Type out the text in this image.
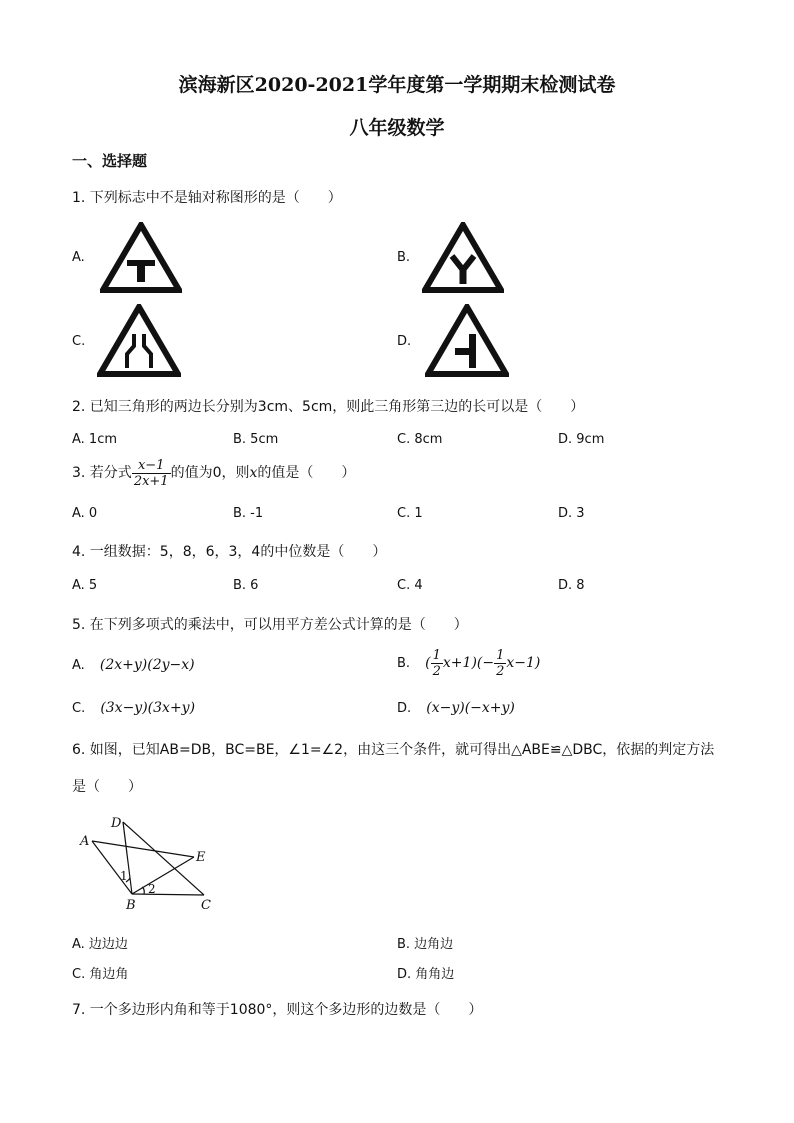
滨海新区2020-2021学年度第一学期期末检测试卷
八年级数学
一、选择题
1. 下列标志中不是轴对称图形的是（　　）
A.	B.
C.	D.
2. 已知三角形的两边长分别为3cm、5cm，则此三角形第三边的长可以是（　　）
A. 1cm	B. 5cm	C. 8cm	D. 9cm
3. 若分式 $\frac{x-1}{2x+1}$ 的值为0，则x的值是（　　）
A. 0	B. -1	C. 1	D. 3
4. 一组数据：5，8，6，3，4的中位数是（　　）
A. 5	B. 6	C. 4	D. 8
5. 在下列多项式的乘法中，可以用平方差公式计算的是（　　）
A. (2x+y)(2y−x)	B. ( $\frac{1}{2} x+1)(- \frac{1}{2} x-1)$
C. (3x−y)(3x+y)	D. (x−y)(−x+y)
6. 如图，已知AB=DB，BC=BE，∠1=∠2，由这三个条件，就可得出△ABE≌△DBC，依据的判定方法
是（　　）
A
D
E
B	C
1
2
A. 边边边	B. 边角边
C. 角边角	D. 角角边
7. 一个多边形内角和等于1080°，则这个多边形的边数是（　　）
